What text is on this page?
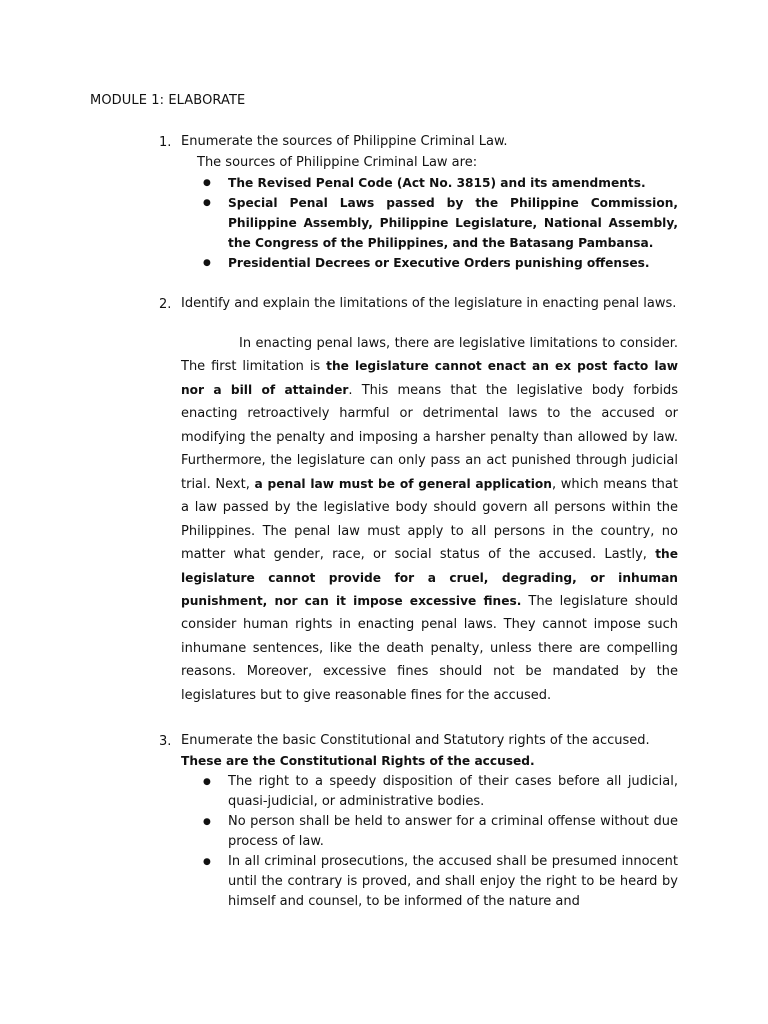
MODULE 1: ELABORATE
1. Enumerate the sources of Philippine Criminal Law.
The sources of Philippine Criminal Law are:
● The Revised Penal Code (Act No. 3815) and its amendments.
● Special Penal Laws passed by the Philippine Commission, Philippine Assembly, Philippine Legislature, National Assembly, the Congress of the Philippines, and the Batasang Pambansa.
● Presidential Decrees or Executive Orders punishing offenses.
2. Identify and explain the limitations of the legislature in enacting penal laws.
In enacting penal laws, there are legislative limitations to consider. The first limitation is the legislature cannot enact an ex post facto law nor a bill of attainder. This means that the legislative body forbids enacting retroactively harmful or detrimental laws to the accused or modifying the penalty and imposing a harsher penalty than allowed by law. Furthermore, the legislature can only pass an act punished through judicial trial. Next, a penal law must be of general application, which means that a law passed by the legislative body should govern all persons within the Philippines. The penal law must apply to all persons in the country, no matter what gender, race, or social status of the accused. Lastly, the legislature cannot provide for a cruel, degrading, or inhuman punishment, nor can it impose excessive fines. The legislature should consider human rights in enacting penal laws. They cannot impose such inhumane sentences, like the death penalty, unless there are compelling reasons. Moreover, excessive fines should not be mandated by the legislatures but to give reasonable fines for the accused.
3. Enumerate the basic Constitutional and Statutory rights of the accused.
These are the Constitutional Rights of the accused.
● The right to a speedy disposition of their cases before all judicial, quasi-judicial, or administrative bodies.
● No person shall be held to answer for a criminal offense without due process of law.
● In all criminal prosecutions, the accused shall be presumed innocent until the contrary is proved, and shall enjoy the right to be heard by himself and counsel, to be informed of the nature and
